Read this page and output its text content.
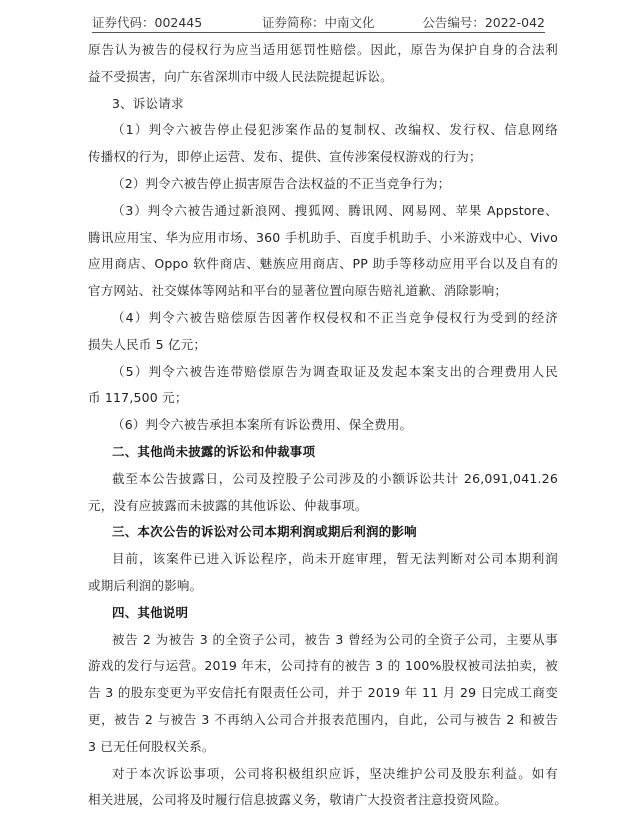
证券代码：002445	证券简称：中南文化	公告编号：2022-042
原告认为被告的侵权行为应当适用惩罚性赔偿。因此，原告为保护自身的合法利
益不受损害，向广东省深圳市中级人民法院提起诉讼。
3、诉讼请求
（1）判令六被告停止侵犯涉案作品的复制权、改编权、发行权、信息网络
传播权的行为，即停止运营、发布、提供、宣传涉案侵权游戏的行为；
（2）判令六被告停止损害原告合法权益的不正当竞争行为；
（3）判令六被告通过新浪网、搜狐网、腾讯网、网易网、苹果 Appstore、
腾讯应用宝、华为应用市场、360 手机助手、百度手机助手、小米游戏中心、Vivo
应用商店、Oppo 软件商店、魅族应用商店、PP 助手等移动应用平台以及自有的
官方网站、社交媒体等网站和平台的显著位置向原告赔礼道歉、消除影响；
（4）判令六被告赔偿原告因著作权侵权和不正当竞争侵权行为受到的经济
损失人民币 5 亿元；
（5）判令六被告连带赔偿原告为调查取证及发起本案支出的合理费用人民
币 117,500 元；
（6）判令六被告承担本案所有诉讼费用、保全费用。
二、其他尚未披露的诉讼和仲裁事项
截至本公告披露日，公司及控股子公司涉及的小额诉讼共计 26,091,041.26
元，没有应披露而未披露的其他诉讼、仲裁事项。
三、本次公告的诉讼对公司本期利润或期后利润的影响
目前，该案件已进入诉讼程序，尚未开庭审理，暂无法判断对公司本期利润
或期后利润的影响。
四、其他说明
被告 2 为被告 3 的全资子公司，被告 3 曾经为公司的全资子公司，主要从事
游戏的发行与运营。2019 年末，公司持有的被告 3 的 100%股权被司法拍卖，被
告 3 的股东变更为平安信托有限责任公司，并于 2019 年 11 月 29 日完成工商变
更，被告 2 与被告 3 不再纳入公司合并报表范围内，自此，公司与被告 2 和被告
3 已无任何股权关系。
对于本次诉讼事项，公司将积极组织应诉，坚决维护公司及股东利益。如有
相关进展，公司将及时履行信息披露义务，敬请广大投资者注意投资风险。
